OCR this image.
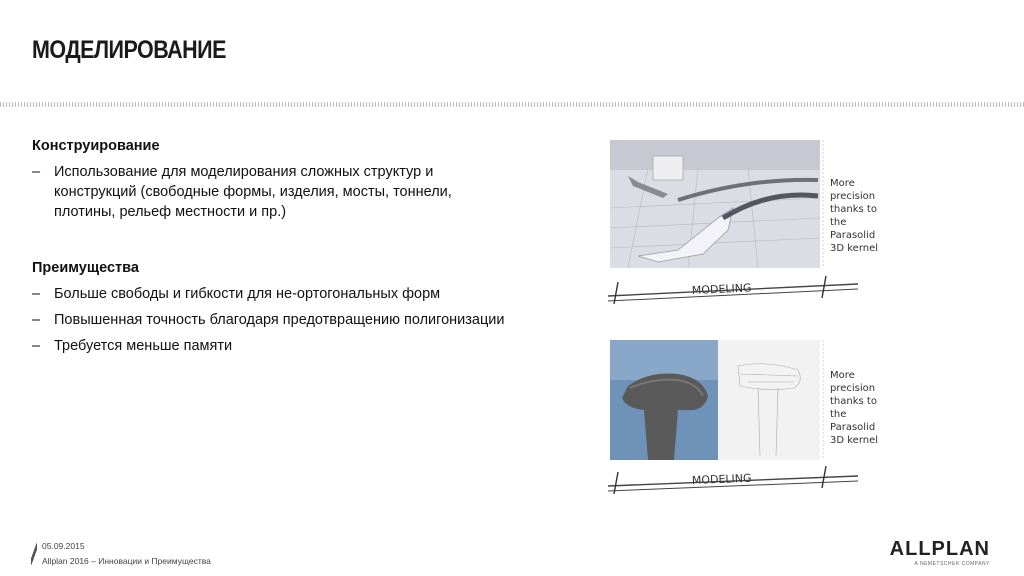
МОДЕЛИРОВАНИЕ

Конструирование

– Использование для моделирования сложных структур и конструкций (свободные формы, изделия, мосты, тоннели, плотины, рельеф местности и пр.)

Преимущества

– Больше свободы и гибкости для не-ортогональных форм
– Повышенная точность благодаря предотвращению полигонизации
– Требуется меньше памяти
More
precision
thanks to
the
Parasolid
3D kernel
MODELING
More
precision
thanks to
the
Parasolid
3D kernel
MODELING
05.09.2015
Allplan 2016 – Инновации и Преимущества
ALLPLAN
A NEMETSCHEK COMPANY
